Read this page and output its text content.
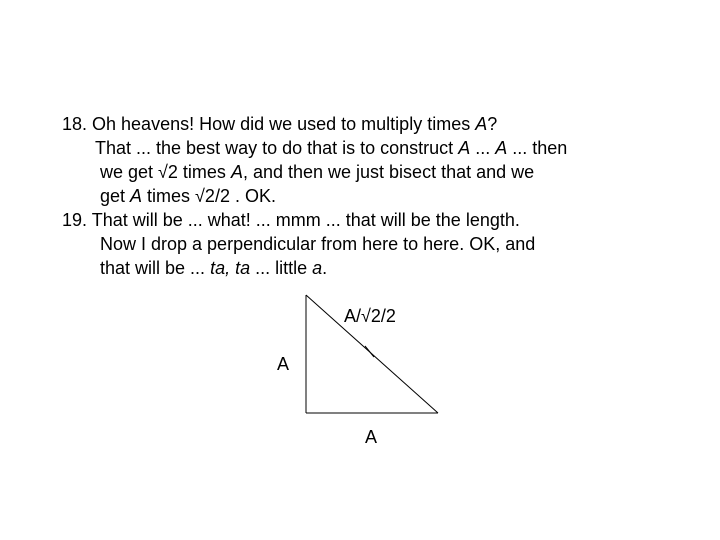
18. Oh heavens! How did we used to multiply times A?
That ... the best way to do that is to construct A ... A ... then
we get √2 times A, and then we just bisect that and we
get A times √2/2 . OK.
19. That will be ... what! ... mmm ... that will be the length.
Now I drop a perpendicular from here to here. OK, and
that will be ... ta, ta ... little a.
A/√2/2
A
A
